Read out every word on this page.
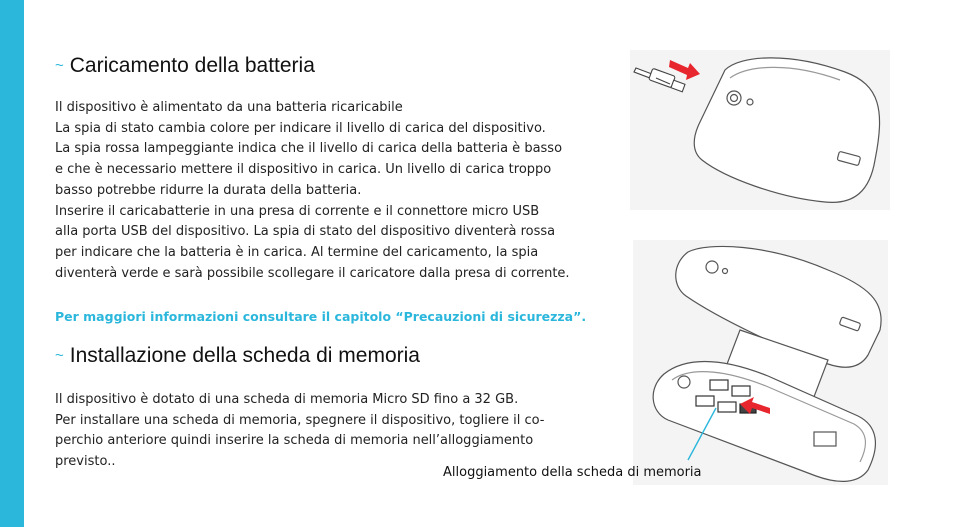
~ Caricamento della batteria
Il dispositivo è alimentato da una batteria ricaricabile
La spia di stato cambia colore per indicare il livello di carica del dispositivo.
La spia rossa lampeggiante indica che il livello di carica della batteria è basso
e che è necessario mettere il dispositivo in carica. Un livello di carica troppo
basso potrebbe ridurre la durata della batteria.
Inserire il caricabatterie in una presa di corrente e il connettore micro USB
alla porta USB del dispositivo. La spia di stato del dispositivo diventerà rossa
per indicare che la batteria è in carica. Al termine del caricamento, la spia
diventerà verde e sarà possibile scollegare il caricatore dalla presa di corrente.

Per maggiori informazioni consultare il capitolo “Precauzioni di sicurezza”.

~ Installazione della scheda di memoria
Il dispositivo è dotato di una scheda di memoria Micro SD fino a 32 GB.
Per installare una scheda di memoria, spegnere il dispositivo, togliere il co-
perchio anteriore quindi inserire la scheda di memoria nell’alloggiamento
previsto..
Alloggiamento della scheda di memoria
